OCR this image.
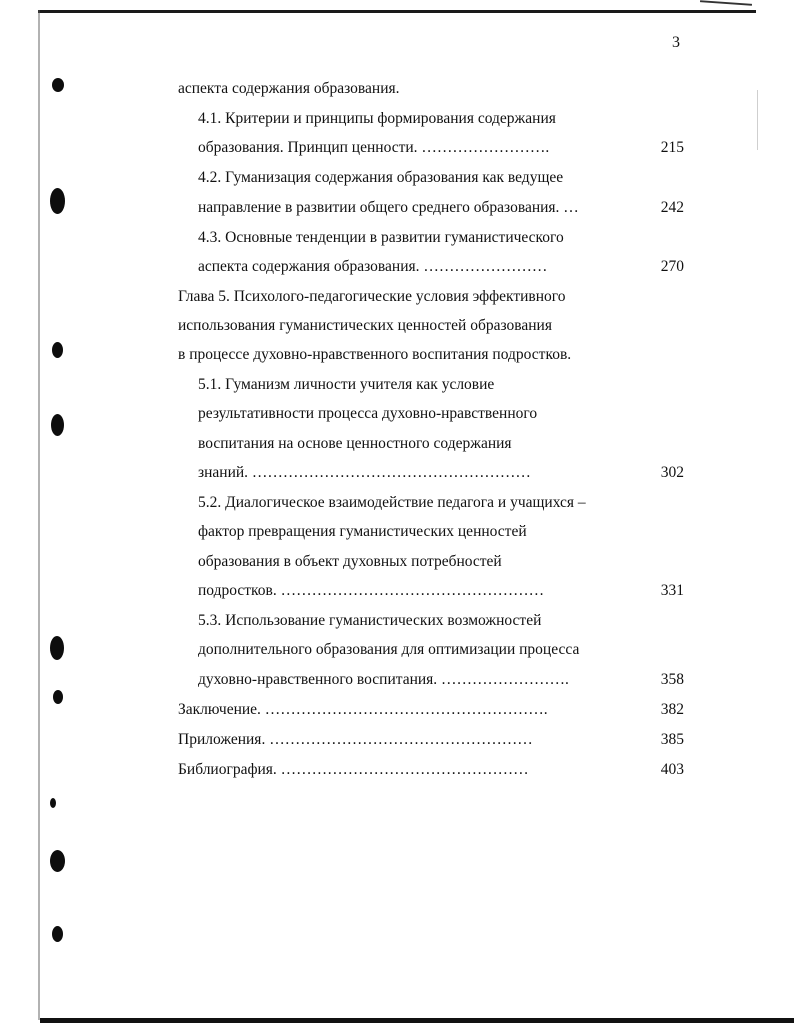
3
аспекта содержания образования.
4.1. Критерии и принципы формирования содержания
образования. Принцип ценности. …………………….	215
4.2. Гуманизация содержания образования как ведущее
направление в развитии общего среднего образования. …	242
4.3. Основные тенденции в развитии гуманистического
аспекта содержания образования. ……………………	270
Глава 5. Психолого-педагогические условия эффективного
использования гуманистических ценностей образования
в процессе духовно-нравственного воспитания подростков.
5.1. Гуманизм личности учителя как условие
результативности процесса духовно-нравственного
воспитания на основе ценностного содержания
знаний. ………………………………………………	302
5.2. Диалогическое взаимодействие педагога и учащихся –
фактор превращения гуманистических ценностей
образования в объект духовных потребностей
подростков. ……………………………………………	331
5.3. Использование гуманистических возможностей
дополнительного образования для оптимизации процесса
духовно-нравственного воспитания. …………………….	358
Заключение. ……………………………………………….	382
Приложения. ……………………………………………	385
Библиография. …………………………………………	403
